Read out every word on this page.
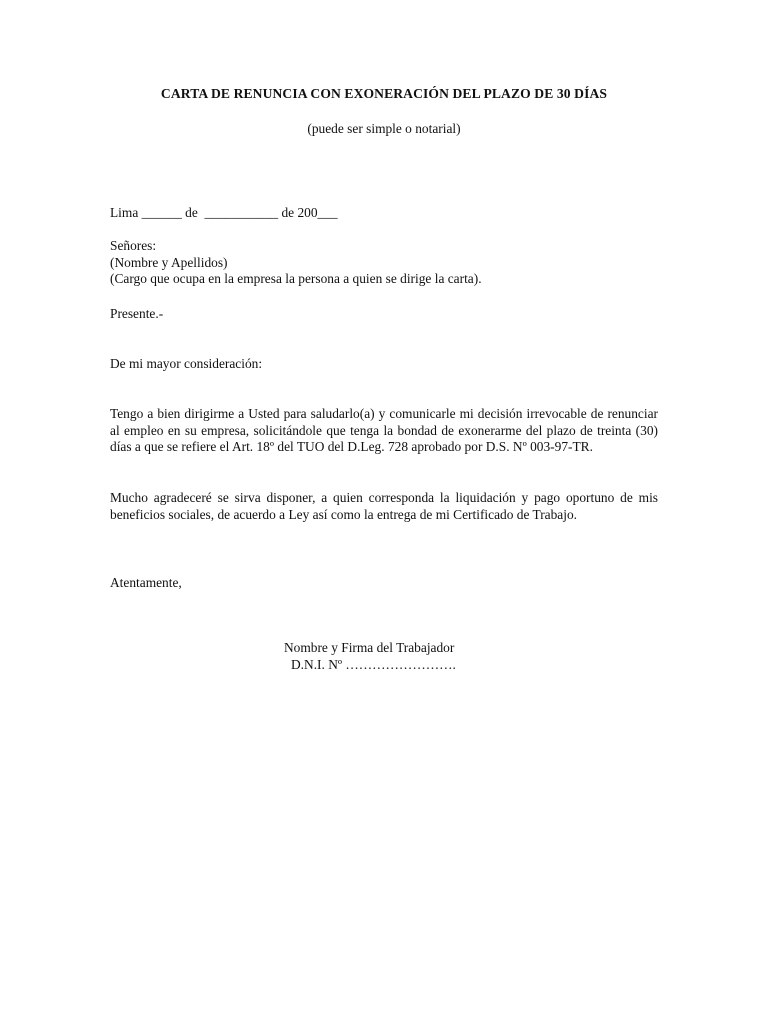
CARTA DE RENUNCIA CON EXONERACIÓN DEL PLAZO DE 30 DÍAS
(puede ser simple o notarial)
Lima ______ de  ___________ de 200___
Señores:
(Nombre y Apellidos)
(Cargo que ocupa en la empresa la persona a quien se dirige la carta).
Presente.-
De mi mayor consideración:
Tengo a bien dirigirme a Usted para saludarlo(a) y comunicarle mi decisión irrevocable de renunciar al empleo en su empresa, solicitándole que tenga la bondad de exonerarme del plazo de treinta (30) días a que se refiere el Art. 18º del TUO del D.Leg. 728 aprobado por D.S. Nº 003-97-TR.
Mucho agradeceré se sirva disponer, a quien corresponda la liquidación y pago oportuno de mis beneficios sociales, de acuerdo a Ley así como la entrega de mi Certificado de Trabajo.
Atentamente,
Nombre y Firma del Trabajador
D.N.I. Nº …………………….
